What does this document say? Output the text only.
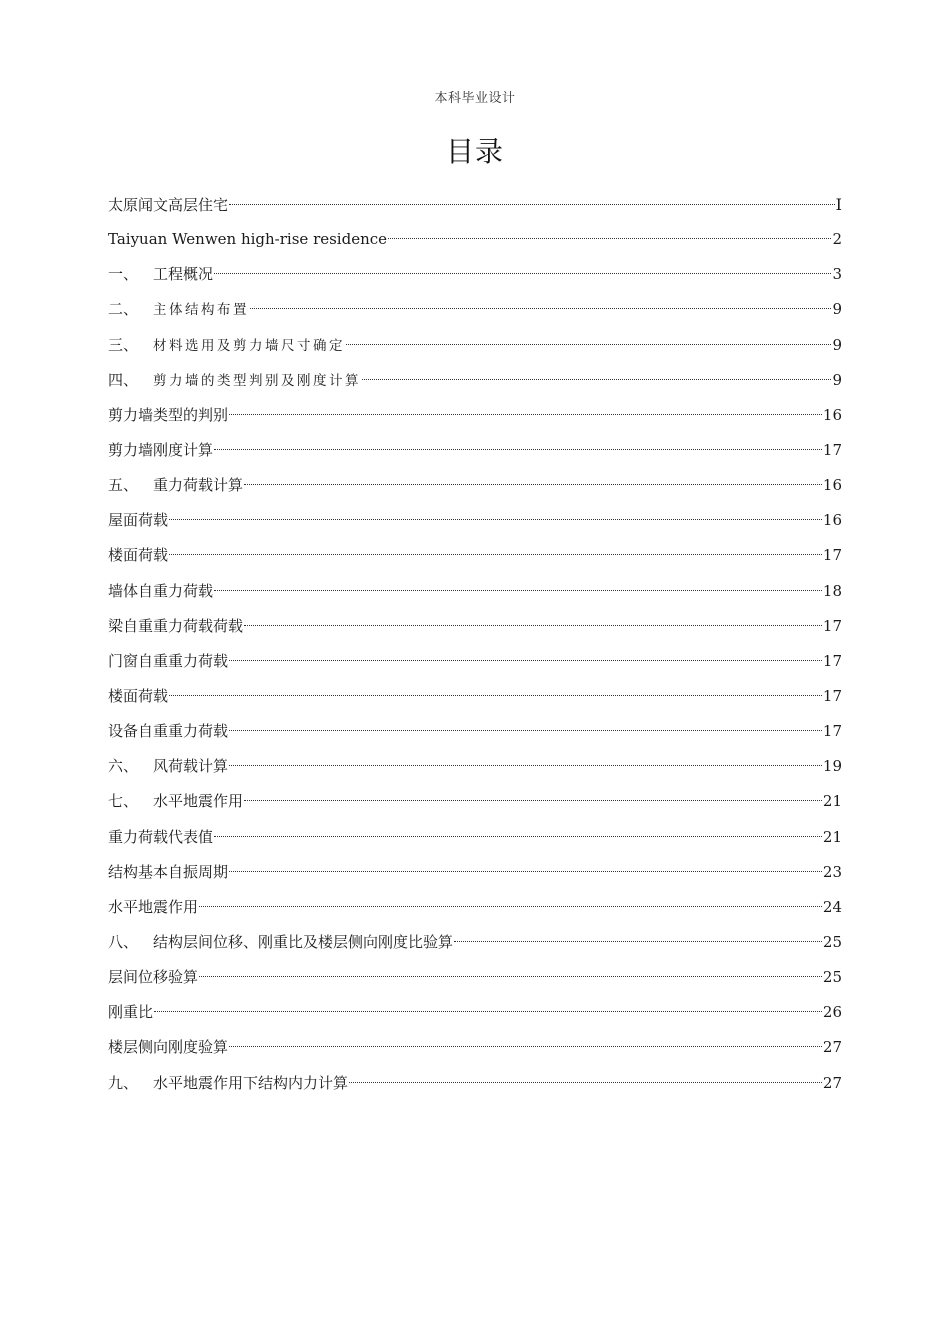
本科毕业设计
目录
太原闻文高层住宅	I
Taiyuan Wenwen high-rise residence	2
一、 工程概况	3
二、 主体结构布置	9
三、 材料选用及剪力墙尺寸确定	9
四、 剪力墙的类型判别及刚度计算	9
剪力墙类型的判别	16
剪力墙刚度计算	17
五、 重力荷载计算	16
屋面荷载	16
楼面荷载	17
墙体自重力荷载	18
梁自重重力荷载荷载	17
门窗自重重力荷载	17
楼面荷载	17
设备自重重力荷载	17
六、 风荷载计算	19
七、 水平地震作用	21
重力荷载代表值	21
结构基本自振周期	23
水平地震作用	24
八、 结构层间位移、刚重比及楼层侧向刚度比验算	25
层间位移验算	25
刚重比	26
楼层侧向刚度验算	27
九、 水平地震作用下结构内力计算	27
